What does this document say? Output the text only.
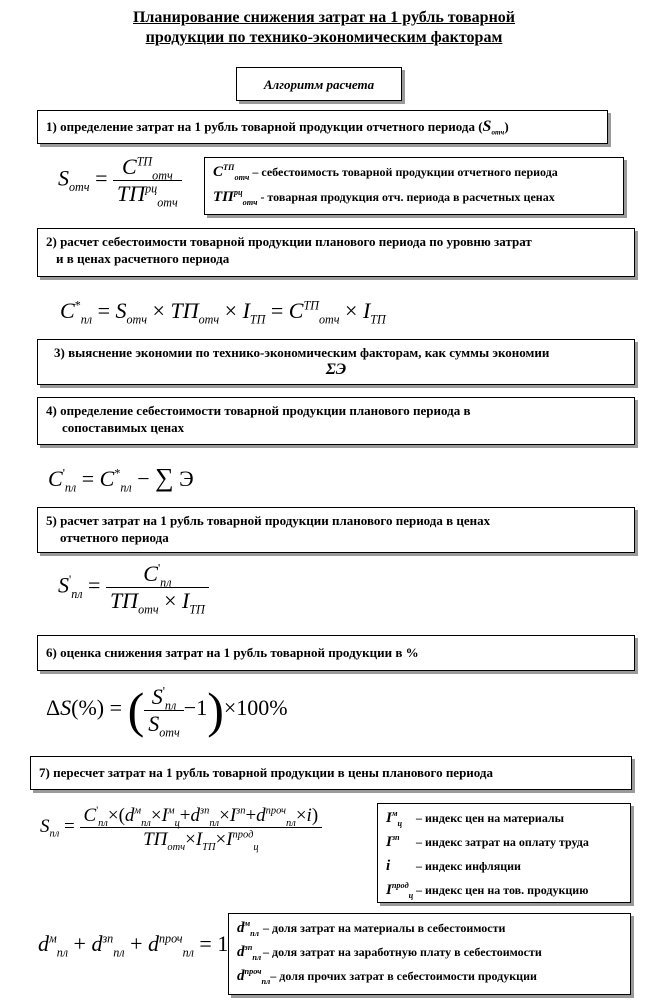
Планирование снижения затрат на 1 рубль товарной
продукции по технико-экономическим факторам
Алгоритм расчета
1) определение затрат на 1 рубль товарной продукции отчетного периода $(S_{отч})$
$S_{отч} = \frac{C^{ТП}_{отч}}{ТП^{рц}_{отч}} C^{ТП}_{отч}$ – себестоимость товарной продукции отчетного периода
$ТП^{рц}_{отч}$ - товарная продукция отч. периода в расчетных ценах
2) расчет себестоимости товарной продукции планового периода по уровню затрат
и в ценах расчетного периода
$C^*_{пл} = S_{отч} \times ТП_{отч} \times I_{ТП} = C^{ТП}_{отч} \times I_{ТП}$
3) выяснение экономии по технико-экономическим факторам, как суммы экономии
ΣЭ
4) определение себестоимости товарной продукции планового периода в
сопоставимых ценах
$C'_{пл} = C^*_{пл}$ − ∑ Э
5) расчет затрат на 1 рубль товарной продукции планового периода в ценах
отчетного периода
$S'_{пл} = \frac{C'_{пл}}{ТП_{отч} \times I_{ТП}}$
6) оценка снижения затрат на 1 рубль товарной продукции в %
ΔS(%) = ( $\frac{S'_{пл}}{S_{отч}} -1)\times 100\%$
7) пересчет затрат на 1 рубль товарной продукции в цены планового периода
$S_{пл} = \frac{C'_{пл}\times(d^м_{пл}\times I^м_ц+d^{зп}_{пл}\times I^{зп}+d^{проч}_{пл}\times i)}{ТП_{отч}\times I_{ТП}\times I^{прод}_ц}$	$I^м_ц$ – индекс цен на материалы
$I^{зп}$ – индекс затрат на оплату труда
i – индекс инфляции
$I^{прод}_ц$ – индекс цен на тов. продукцию
$d^м_{пл} + d^{зп}_{пл} + d^{проч}_{пл} = 1$
$d^м_{пл}$ – доля затрат на материалы в себестоимости
$d^{зп}_{пл}$ – доля затрат на заработную плату в себестоимости
$d^{проч}_{пл}-$ доля прочих затрат в себестоимости продукции
